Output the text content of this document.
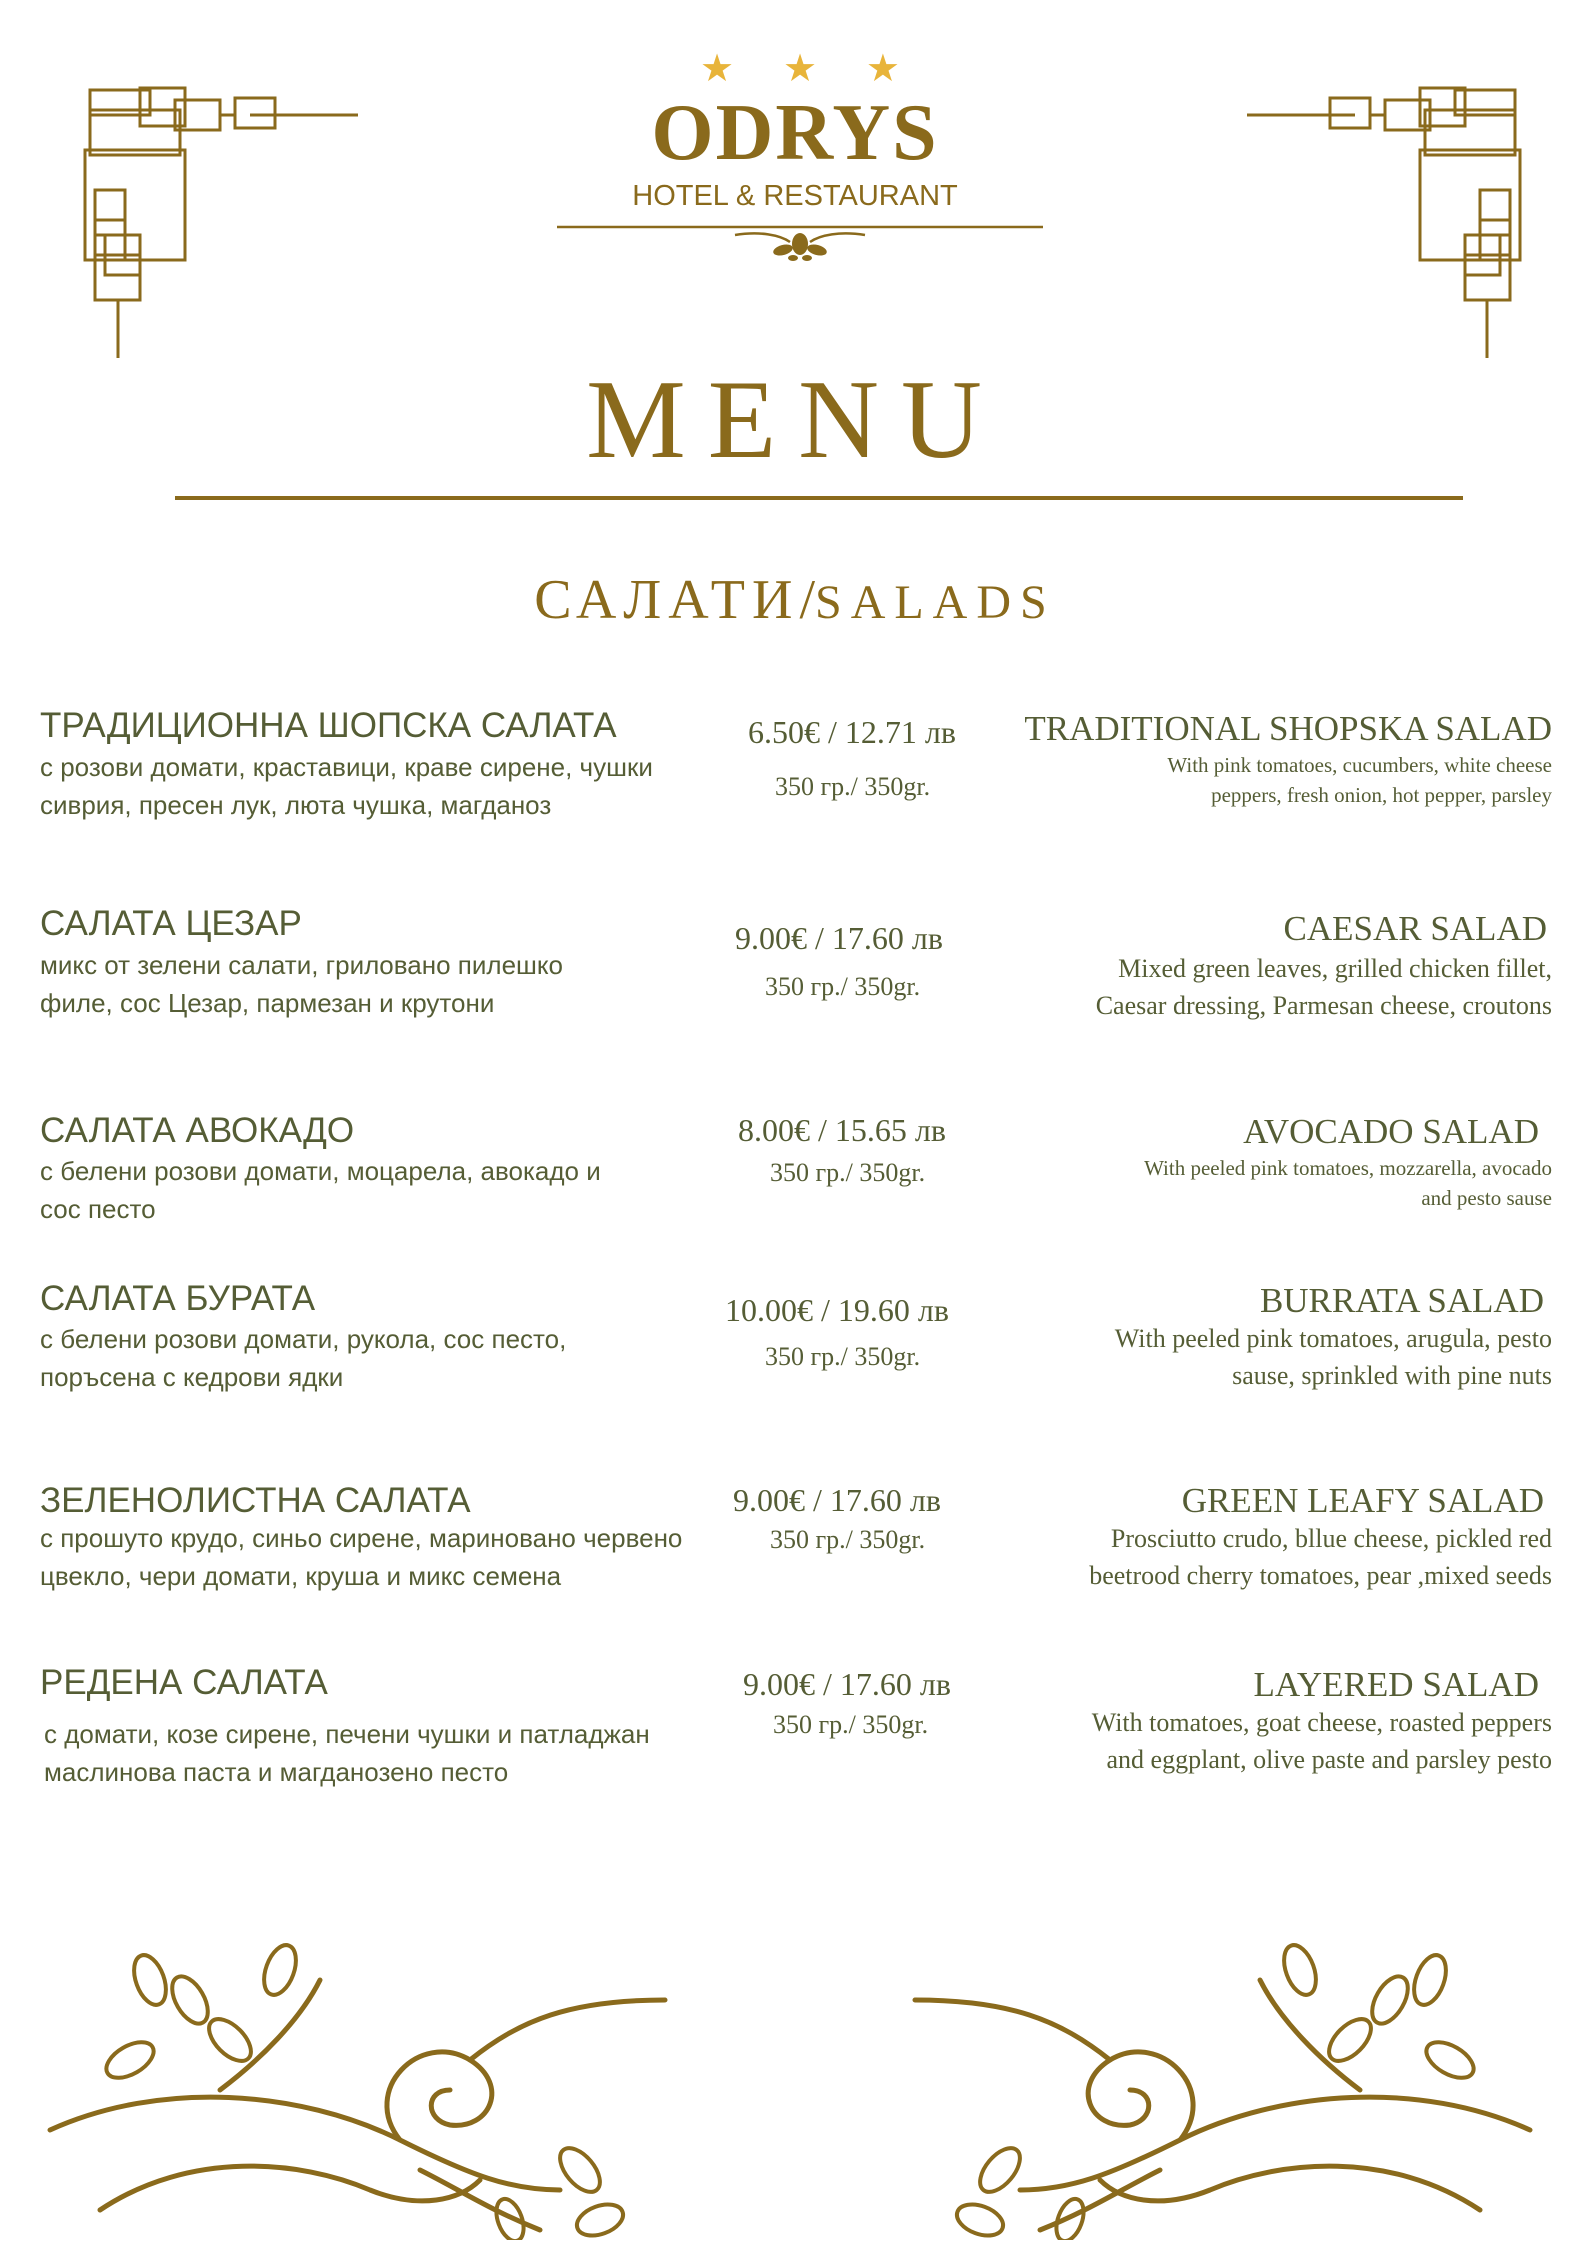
★ ★ ★
ODRYS
HOTEL & RESTAURANT
MENU
САЛАТИ/SALADS
ТРАДИЦИОННА ШОПСКА САЛАТА
с розови домати, краставици, краве сирене, чушки
сиврия, пресен лук, люта чушка, магданоз
6.50€ / 12.71 лв
350 гр./ 350gr.
TRADITIONAL SHOPSKA SALAD
With pink tomatoes, cucumbers, white cheese
peppers, fresh onion, hot pepper, parsley
САЛАТА ЦЕЗАР
микс от зелени салати, грилoвано пилешко
филе, сос Цезар, пармезан и крутони
9.00€ / 17.60 лв
350 гр./ 350gr.
CAESAR SALAD
Mixed green leaves, grilled chicken fillet,
Caesar dressing, Parmesan cheese, croutons
САЛАТА АВОКАДО
с белени розови домати, моцарела, авокадо и
сос песто
8.00€ / 15.65 лв
350 гр./ 350gr.
AVOCADO SALAD
With peeled pink tomatoes, mozzarella, avocado
and pesto sause
САЛАТА БУРАТА
с белени розови домати, рукола, сос песто,
поръсена с кедрови ядки
10.00€ / 19.60 лв
350 гр./ 350gr.
BURRATA SALAD
With peeled pink tomatoes, arugula, pesto
sause, sprinkled with pine nuts
ЗЕЛЕНОЛИСТНА САЛАТА
с прошуто крудо, синьо сирене, мариновано червено
цвекло, чери домати, круша и микс семена
9.00€ / 17.60 лв
350 гр./ 350gr.
GREEN LEAFY SALAD
Prosciutto crudo, bllue cheese, pickled red
beetrood cherry tomatoes, pear ,mixed seeds
РЕДЕНА САЛАТА
с домати, козе сирене, печени чушки и патладжан
маслинова паста и магданозено песто
9.00€ / 17.60 лв
350 гр./ 350gr.
LAYERED SALAD
With tomatoes, goat cheese, roasted peppers
and eggplant, olive paste and parsley pesto
